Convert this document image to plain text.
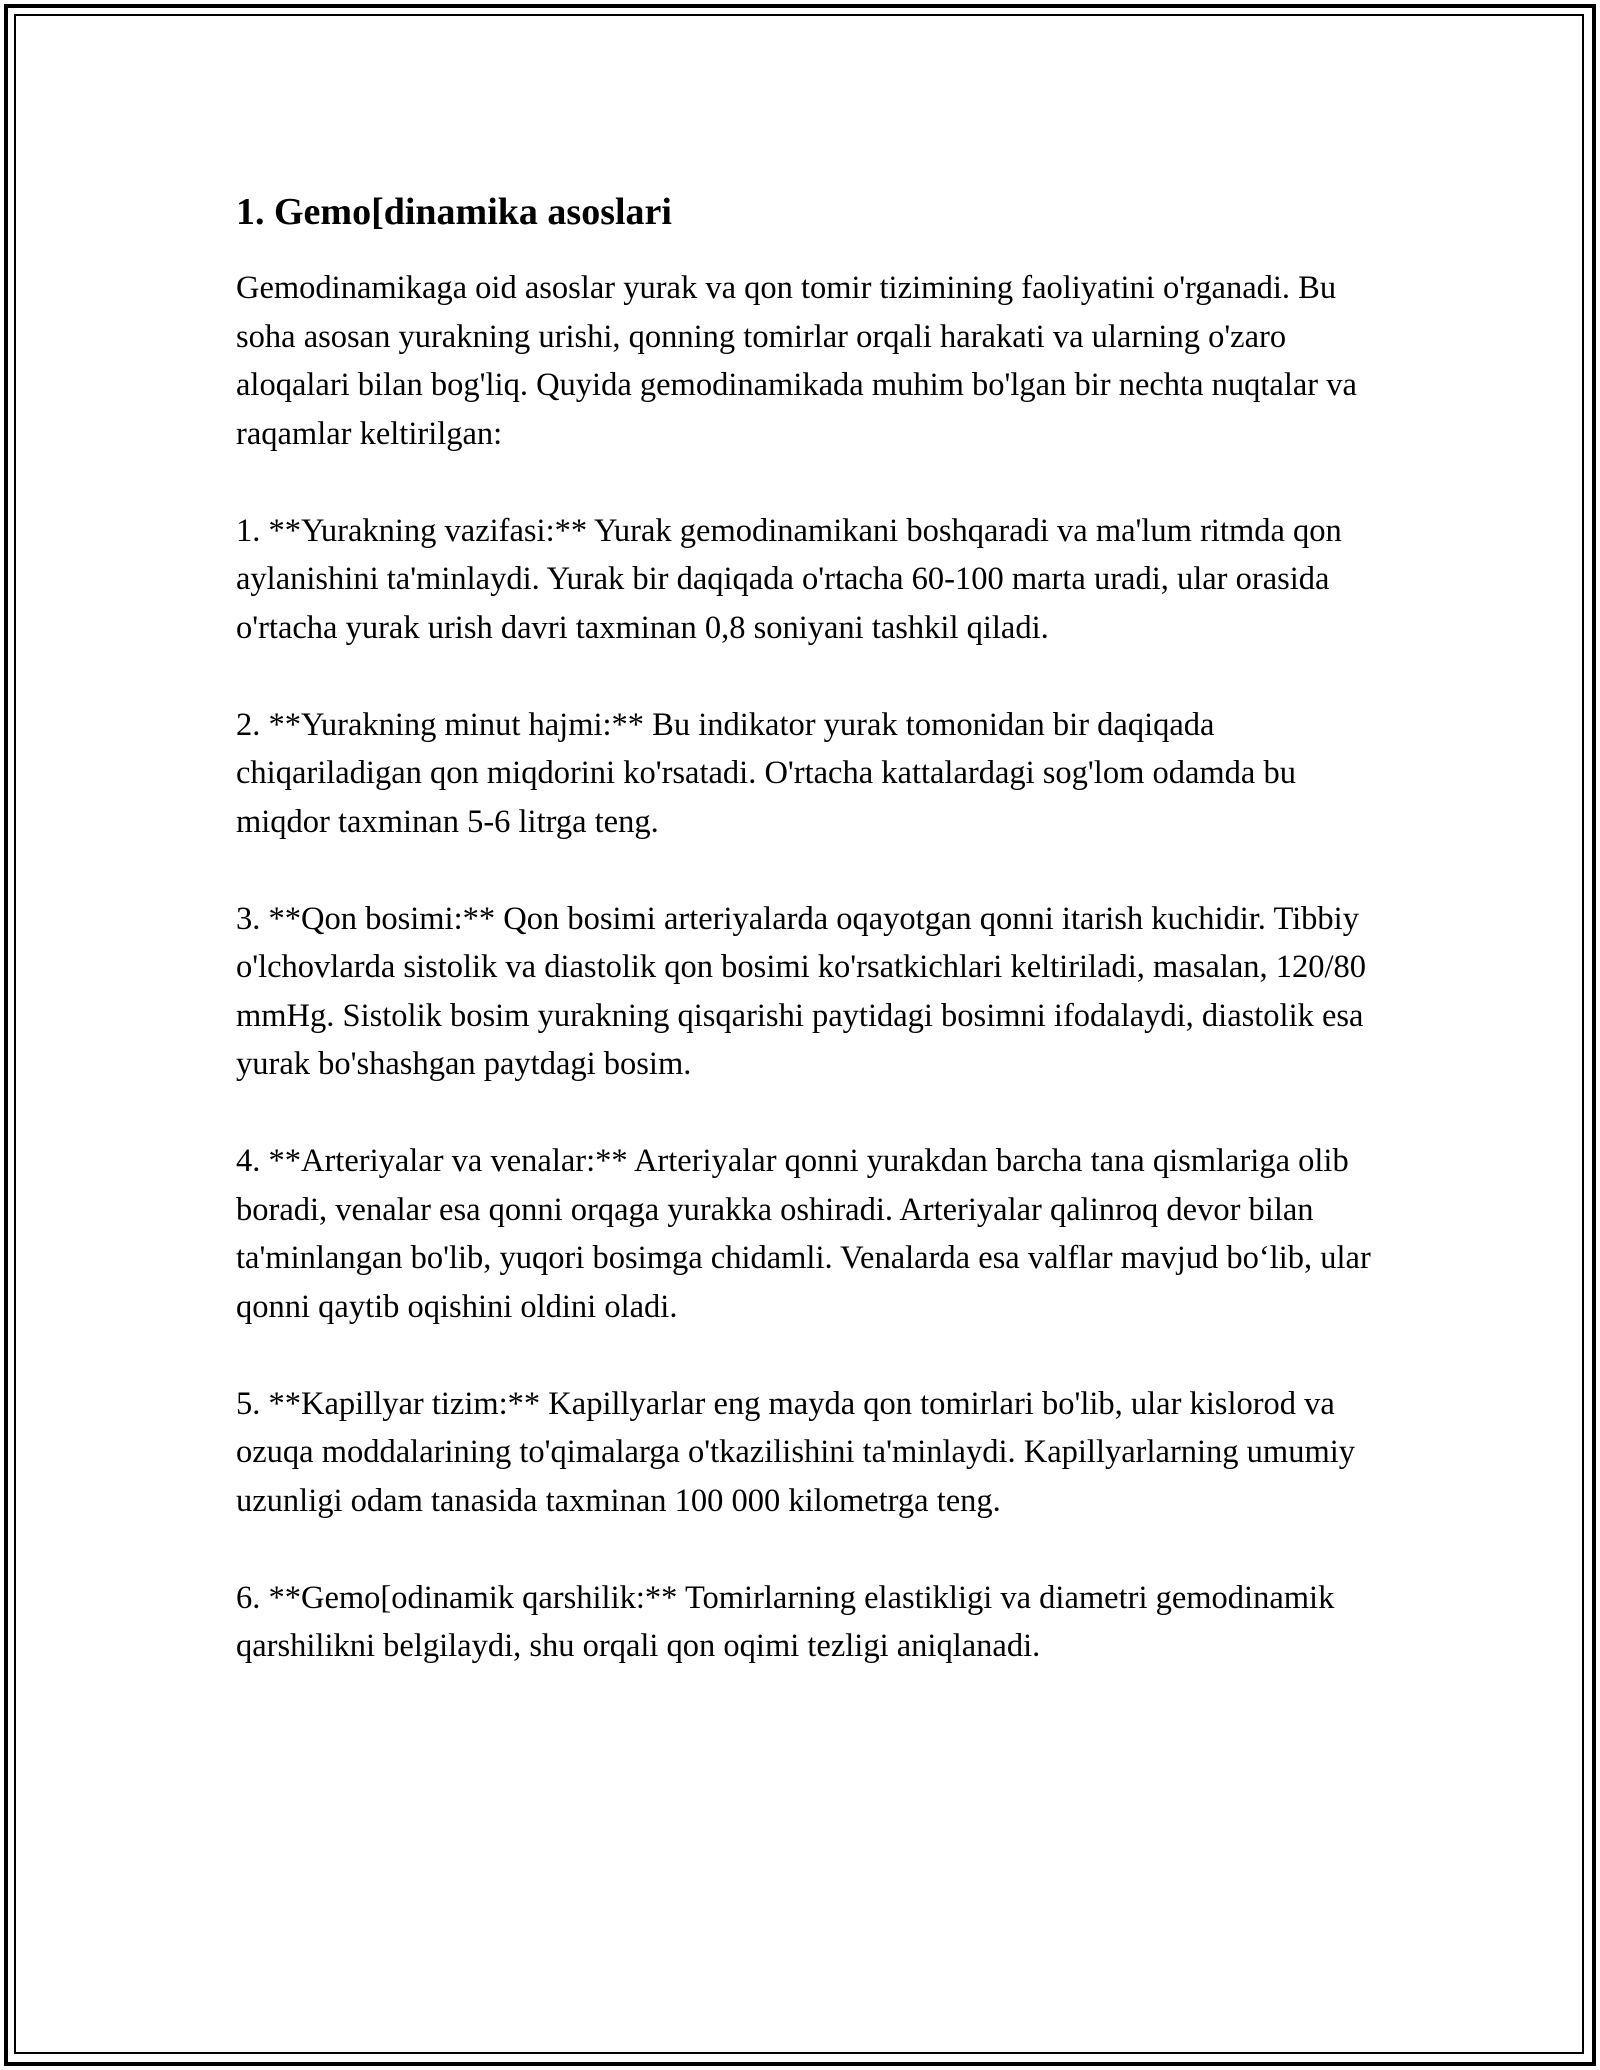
1. Gemo[dinamika asoslari

Gemodinamikaga oid asoslar yurak va qon tomir tizimining faoliyatini o'rganadi. Bu soha asosan yurakning urishi, qonning tomirlar orqali harakati va ularning o'zaro aloqalari bilan bog'liq. Quyida gemodinamikada muhim bo'lgan bir nechta nuqtalar va raqamlar keltirilgan:

1. **Yurakning vazifasi:** Yurak gemodinamikani boshqaradi va ma'lum ritmda qon aylanishini ta'minlaydi. Yurak bir daqiqada o'rtacha 60-100 marta uradi, ular orasida o'rtacha yurak urish davri taxminan 0,8 soniyani tashkil qiladi.

2. **Yurakning minut hajmi:** Bu indikator yurak tomonidan bir daqiqada chiqariladigan qon miqdorini ko'rsatadi. O'rtacha kattalardagi sog'lom odamda bu miqdor taxminan 5-6 litrga teng.

3. **Qon bosimi:** Qon bosimi arteriyalarda oqayotgan qonni itarish kuchidir. Tibbiy o'lchovlarda sistolik va diastolik qon bosimi ko'rsatkichlari keltiriladi, masalan, 120/80 mmHg. Sistolik bosim yurakning qisqarishi paytidagi bosimni ifodalaydi, diastolik esa yurak bo'shashgan paytdagi bosim.

4. **Arteriyalar va venalar:** Arteriyalar qonni yurakdan barcha tana qismlariga olib boradi, venalar esa qonni orqaga yurakka oshiradi. Arteriyalar qalinroq devor bilan ta'minlangan bo'lib, yuqori bosimga chidamli. Venalarda esa valflar mavjud bo‘lib, ular qonni qaytib oqishini oldini oladi.

5. **Kapillyar tizim:** Kapillyarlar eng mayda qon tomirlari bo'lib, ular kislorod va ozuqa moddalarining to'qimalarga o'tkazilishini ta'minlaydi. Kapillyarlarning umumiy uzunligi odam tanasida taxminan 100 000 kilometrga teng.

6. **Gemo[odinamik qarshilik:** Tomirlarning elastikligi va diametri gemodinamik qarshilikni belgilaydi, shu orqali qon oqimi tezligi aniqlanadi.
